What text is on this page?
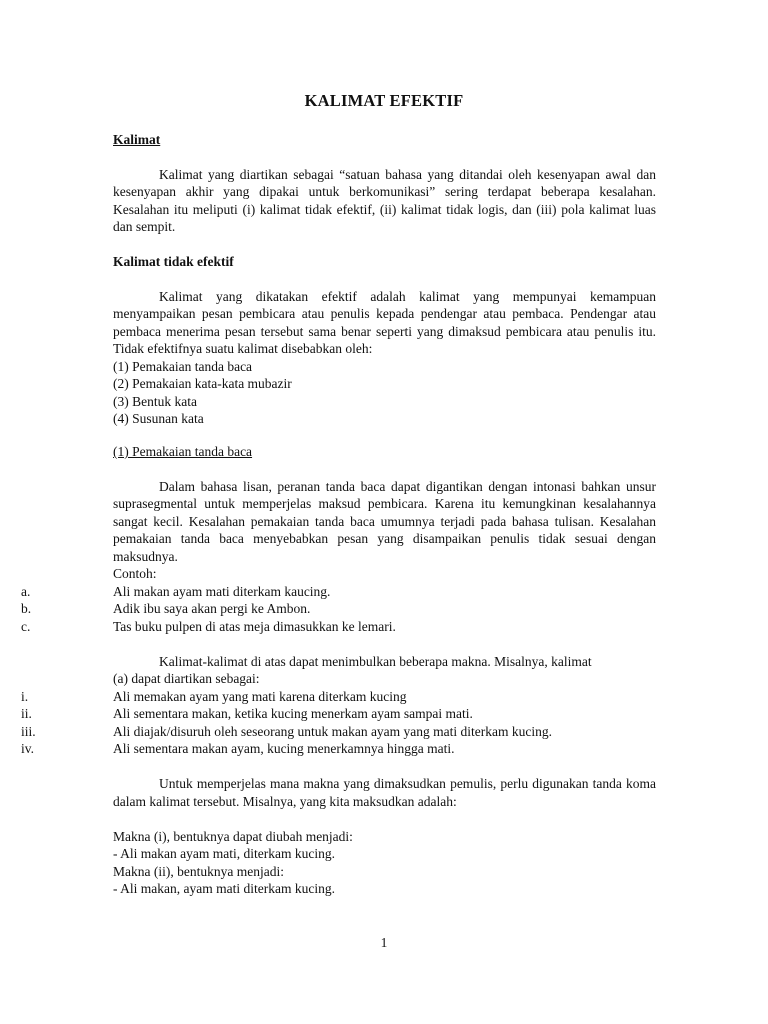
KALIMAT EFEKTIF

Kalimat

Kalimat yang diartikan sebagai “satuan bahasa yang ditandai oleh kesenyapan awal dan kesenyapan akhir yang dipakai untuk berkomunikasi” sering terdapat beberapa kesalahan. Kesalahan itu meliputi (i) kalimat tidak efektif, (ii) kalimat tidak logis, dan (iii) pola kalimat luas dan sempit.

Kalimat tidak efektif

Kalimat yang dikatakan efektif adalah kalimat yang mempunyai kemampuan menyampaikan pesan pembicara atau penulis kepada pendengar atau pembaca. Pendengar atau pembaca menerima pesan tersebut sama benar seperti yang dimaksud pembicara atau penulis itu. Tidak efektifnya suatu kalimat disebabkan oleh:

(1) Pemakaian tanda baca

(2) Pemakaian kata-kata mubazir

(3) Bentuk kata

(4) Susunan kata

(1) Pemakaian tanda baca

Dalam bahasa lisan, peranan tanda baca dapat digantikan dengan intonasi bahkan unsur suprasegmental untuk memperjelas maksud pembicara. Karena itu kemungkinan kesalahannya sangat kecil. Kesalahan pemakaian tanda baca umumnya terjadi pada bahasa tulisan. Kesalahan pemakaian tanda baca menyebabkan pesan yang disampaikan penulis tidak sesuai dengan maksudnya.

Contoh:

a.	Ali makan ayam mati diterkam kaucing.

b.	Adik ibu saya akan pergi ke Ambon.

c.	Tas buku pulpen di atas meja dimasukkan ke lemari.

Kalimat-kalimat di atas dapat menimbulkan beberapa makna. Misalnya, kalimat

(a) dapat diartikan sebagai:

i.	Ali memakan ayam yang mati karena diterkam kucing

ii.	Ali sementara makan, ketika kucing menerkam ayam sampai mati.

iii.	Ali diajak/disuruh oleh seseorang untuk makan ayam yang mati diterkam kucing.

iv.	Ali sementara makan ayam, kucing menerkamnya hingga mati.

Untuk memperjelas mana makna yang dimaksudkan pemulis, perlu digunakan tanda koma dalam kalimat tersebut. Misalnya, yang kita maksudkan adalah:

Makna (i), bentuknya dapat diubah menjadi:

- Ali makan ayam mati, diterkam kucing.

Makna (ii), bentuknya menjadi:

- Ali makan, ayam mati diterkam kucing.

1
